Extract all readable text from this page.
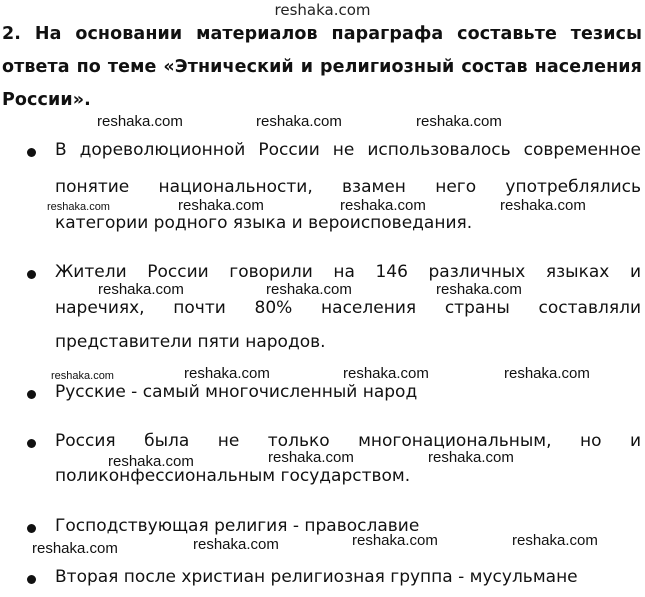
reshaka.com
2. На основании материалов параграфа составьте тезисы ответа по теме «Этнический и религиозный состав населения России».
reshaka.com	reshaka.com	reshaka.com
В дореволюционной России не использовалось современное
понятие национальности, взамен него употреблялись
категории родного языка и вероисповедания.
reshaka.com	reshaka.com	reshaka.com	reshaka.com
Жители России говорили на 146 различных языках и
наречиях, почти 80% населения страны составляли
представители пяти народов.
reshaka.com	reshaka.com	reshaka.com
reshaka.com	reshaka.com	reshaka.com	reshaka.com
Русские - самый многочисленный народ
Россия была не только многонациональным, но и
поликонфессиональным государством.
reshaka.com	reshaka.com	reshaka.com
Господствующая религия - православие
reshaka.com	reshaka.com	reshaka.com	reshaka.com
Вторая после христиан религиозная группа - мусульмане
